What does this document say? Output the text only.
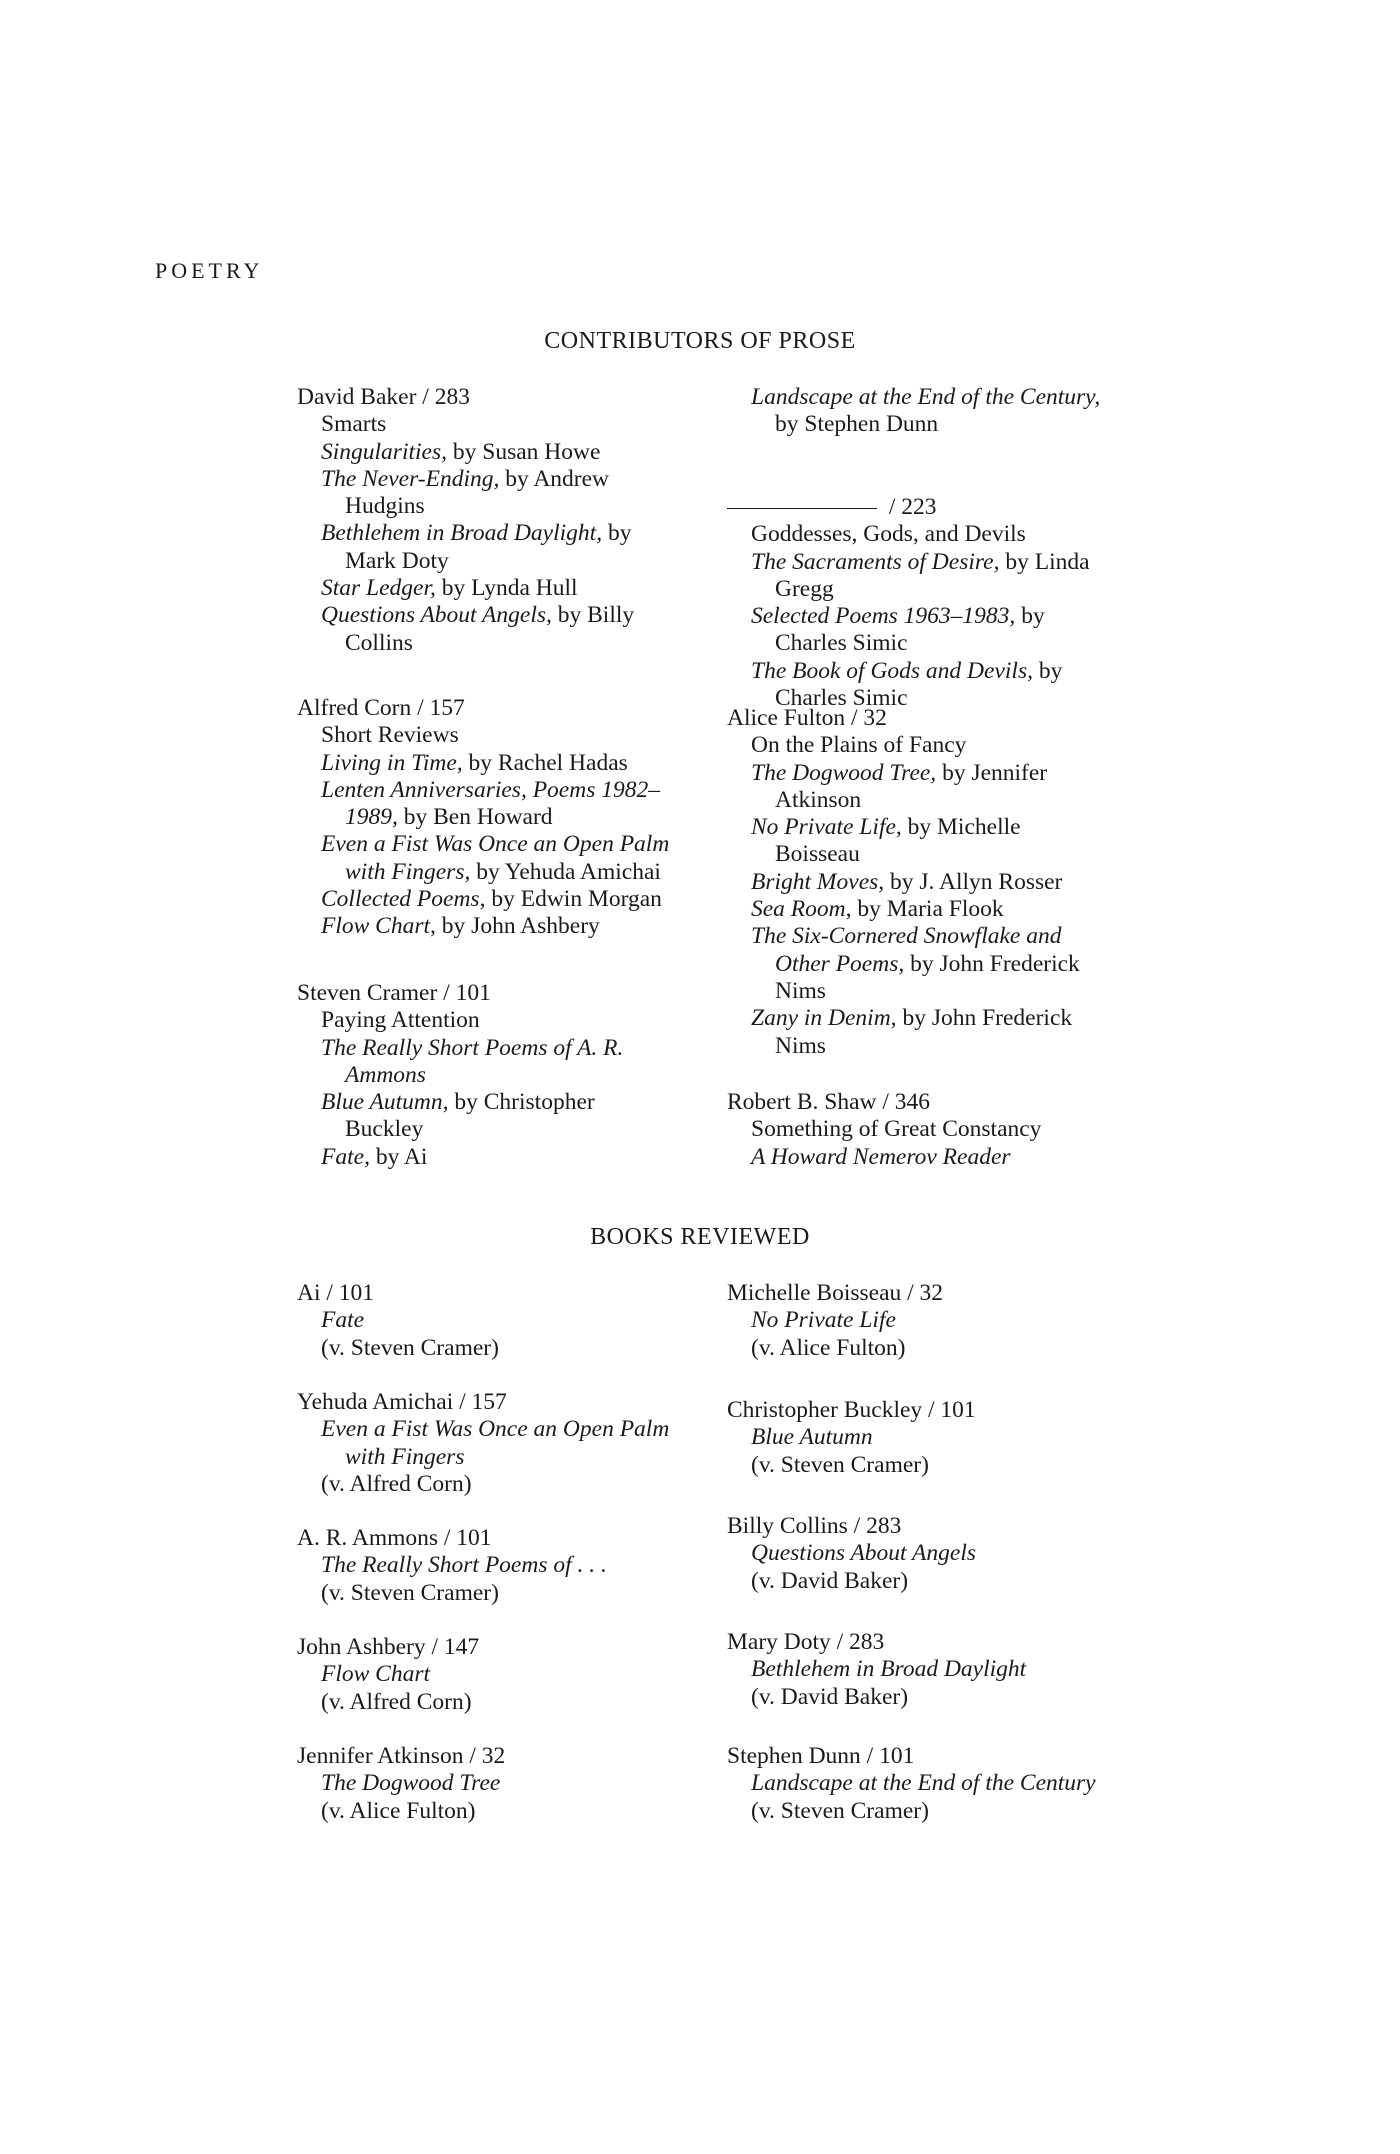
POETRY
CONTRIBUTORS OF PROSE
David Baker / 283
Smarts
Singularities, by Susan Howe
The Never-Ending, by Andrew
Hudgins
Bethlehem in Broad Daylight, by
Mark Doty
Star Ledger, by Lynda Hull
Questions About Angels, by Billy
Collins
Alfred Corn / 157
Short Reviews
Living in Time, by Rachel Hadas
Lenten Anniversaries, Poems 1982–
1989, by Ben Howard
Even a Fist Was Once an Open Palm
with Fingers, by Yehuda Amichai
Collected Poems, by Edwin Morgan
Flow Chart, by John Ashbery
Steven Cramer / 101
Paying Attention
The Really Short Poems of A. R.
Ammons
Blue Autumn, by Christopher
Buckley
Fate, by Ai
Landscape at the End of the Century,
by Stephen Dunn
/ 223
Goddesses, Gods, and Devils
The Sacraments of Desire, by Linda
Gregg
Selected Poems 1963–1983, by
Charles Simic
The Book of Gods and Devils, by
Charles Simic
Alice Fulton / 32
On the Plains of Fancy
The Dogwood Tree, by Jennifer
Atkinson
No Private Life, by Michelle
Boisseau
Bright Moves, by J. Allyn Rosser
Sea Room, by Maria Flook
The Six-Cornered Snowflake and
Other Poems, by John Frederick
Nims
Zany in Denim, by John Frederick
Nims
Robert B. Shaw / 346
Something of Great Constancy
A Howard Nemerov Reader
BOOKS REVIEWED
Ai / 101
Fate
(v. Steven Cramer)
Yehuda Amichai / 157
Even a Fist Was Once an Open Palm
with Fingers
(v. Alfred Corn)
A. R. Ammons / 101
The Really Short Poems of . . .
(v. Steven Cramer)
John Ashbery / 147
Flow Chart
(v. Alfred Corn)
Jennifer Atkinson / 32
The Dogwood Tree
(v. Alice Fulton)
Michelle Boisseau / 32
No Private Life
(v. Alice Fulton)
Christopher Buckley / 101
Blue Autumn
(v. Steven Cramer)
Billy Collins / 283
Questions About Angels
(v. David Baker)
Mary Doty / 283
Bethlehem in Broad Daylight
(v. David Baker)
Stephen Dunn / 101
Landscape at the End of the Century
(v. Steven Cramer)
